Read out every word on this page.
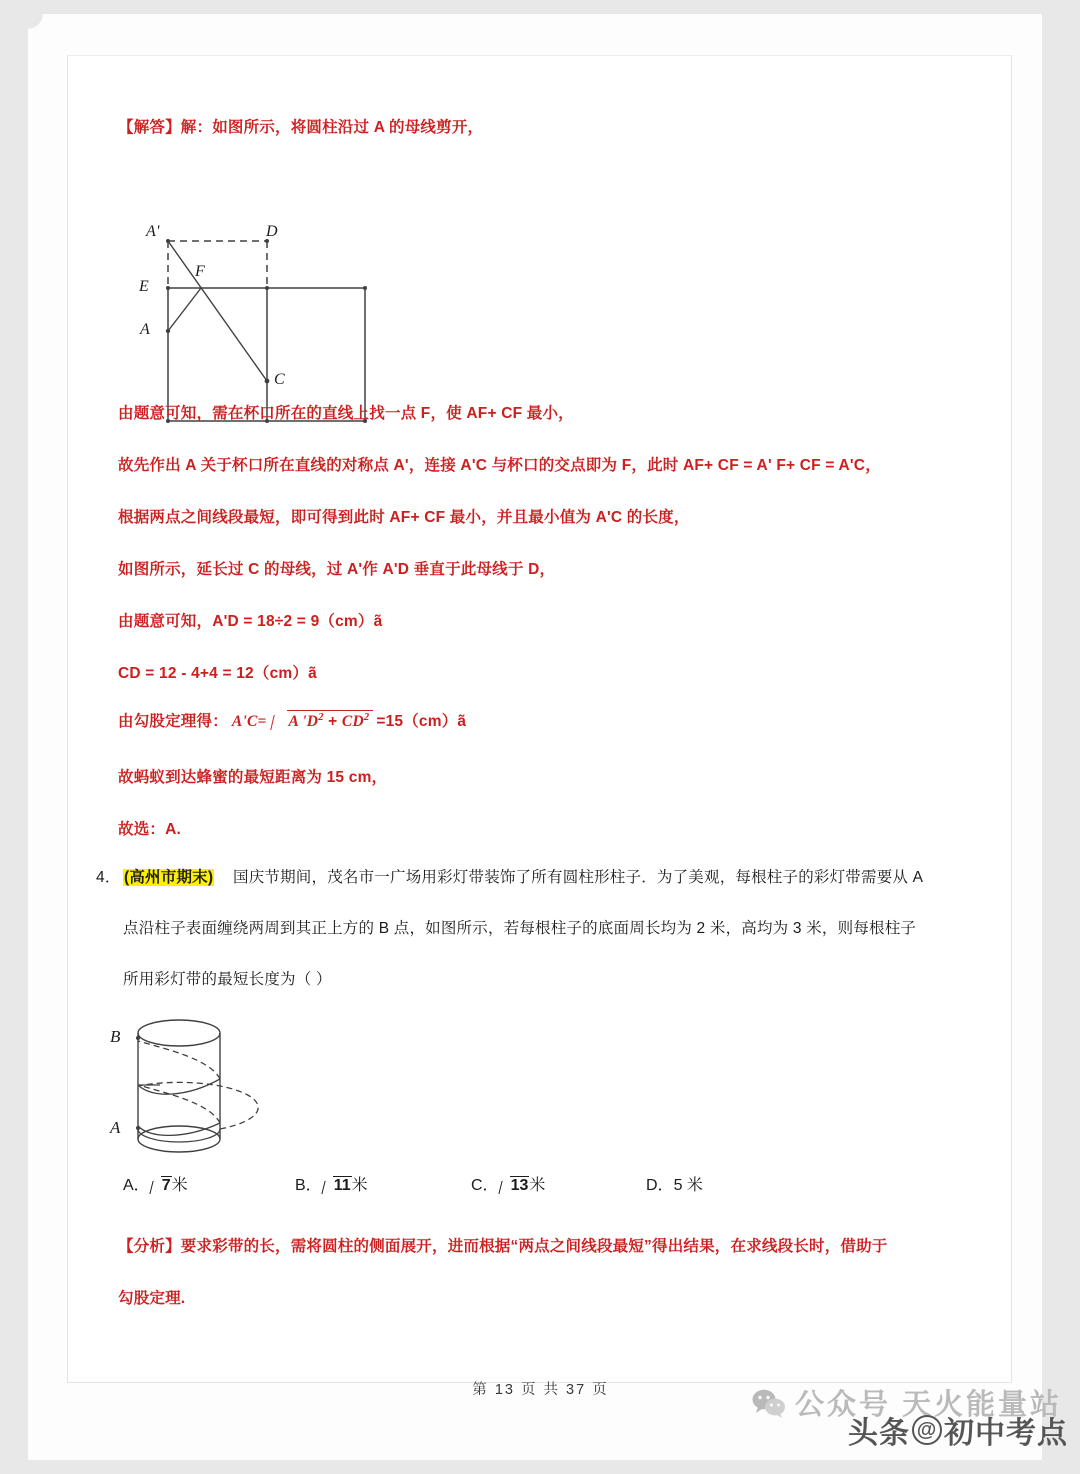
【解答】解：如图所示，将圆柱沿过 A 的母线剪开，
A'	D
E
F
A
C
由题意可知，需在杯口所在的直线上找一点 F，使 AF+ CF 最小，
故先作出 A 关于杯口所在直线的对称点 A'，连接 A'C 与杯口的交点即为 F，此时 AF+ CF = A' F+ CF = A'C，
根据两点之间线段最短，即可得到此时 AF+ CF 最小，并且最小值为 A'C 的长度，
如图所示，延长过 C 的母线，过 A'作 A'D 垂直于此母线于 D，
由题意可知，A'D = 18÷2 = 9（cm）ã
CD = 12 - 4+4 = 12（cm）ã
由勾股定理得： A'C=	A '$D^2 + CD^2$ =15（cm）ã
故蚂蚁到达蜂蜜的最短距离为 15 cm，
故选：A.
4． (高州市期末) 国庆节期间，茂名市一广场用彩灯带装饰了所有圆柱形柱子．为了美观，每根柱子的彩灯带需要从 A
点沿柱子表面缠绕两周到其正上方的 B 点，如图所示，若每根柱子的底面周长均为 2 米，高均为 3 米，则每根柱子
所用彩灯带的最短长度为（ ）
B
A
A． 7米	B． 11米	C． 13米	D．5 米
【分析】要求彩带的长，需将圆柱的侧面展开，进而根据“两点之间线段最短”得出结果，在求线段长时，借助于
勾股定理.
第 13 页 共 37 页	公众号 天火能量站
头条 @ 初中考点
